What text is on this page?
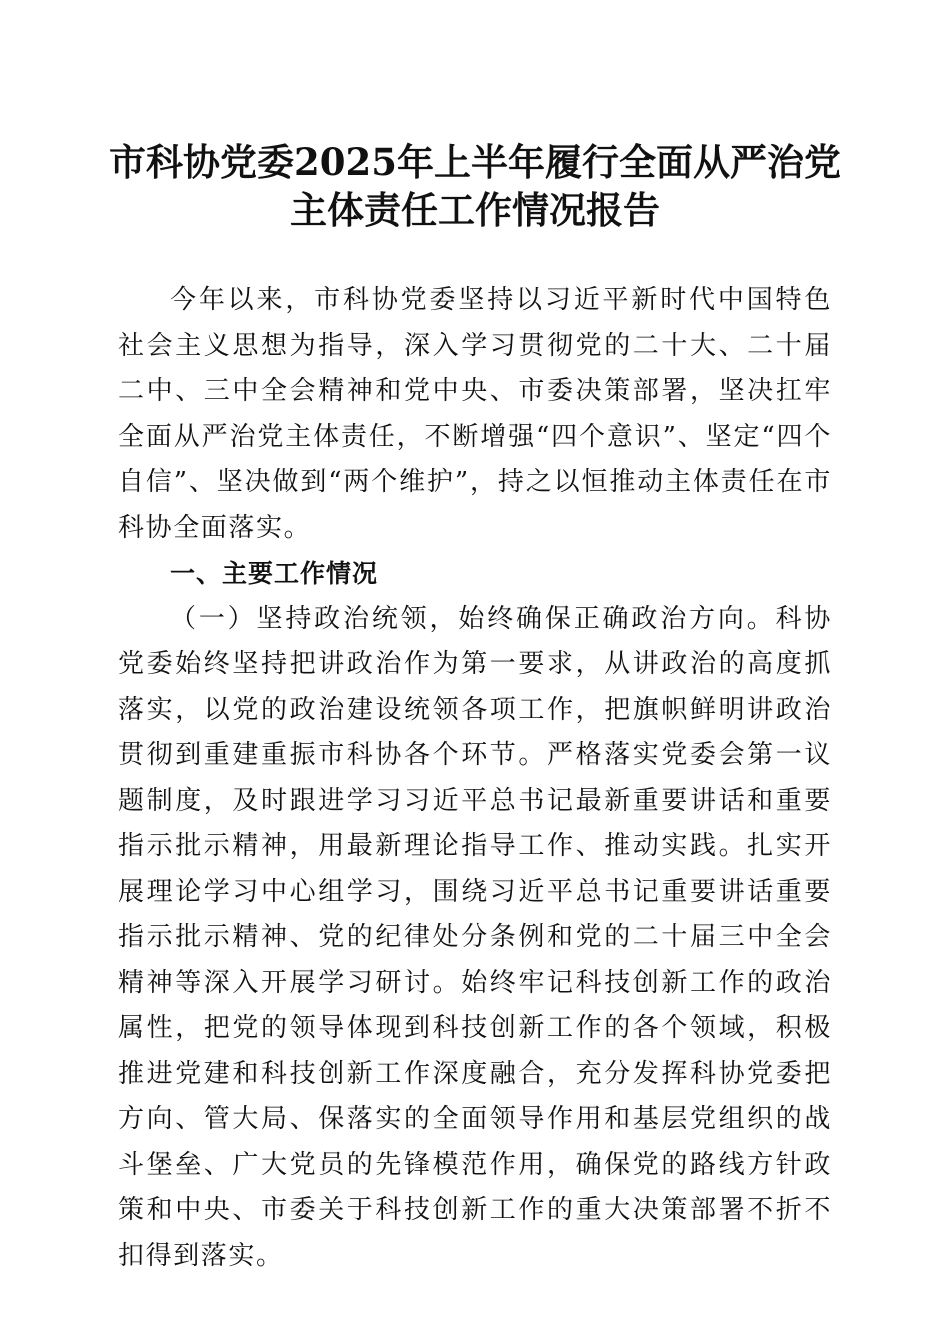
市科协党委2025年上半年履行全面从严治党
主体责任工作情况报告

今年以来，市科协党委坚持以习近平新时代中国特色社会主义思想为指导，深入学习贯彻党的二十大、二十届二中、三中全会精神和党中央、市委决策部署，坚决扛牢全面从严治党主体责任，不断增强“四个意识”、坚定“四个自信”、坚决做到“两个维护”，持之以恒推动主体责任在市科协全面落实。

一、主要工作情况

（一）坚持政治统领，始终确保正确政治方向。科协党委始终坚持把讲政治作为第一要求，从讲政治的高度抓落实，以党的政治建设统领各项工作，把旗帜鲜明讲政治贯彻到重建重振市科协各个环节。严格落实党委会第一议题制度，及时跟进学习习近平总书记最新重要讲话和重要指示批示精神，用最新理论指导工作、推动实践。扎实开展理论学习中心组学习，围绕习近平总书记重要讲话重要指示批示精神、党的纪律处分条例和党的二十届三中全会精神等深入开展学习研讨。始终牢记科技创新工作的政治属性，把党的领导体现到科技创新工作的各个领域，积极推进党建和科技创新工作深度融合，充分发挥科协党委把方向、管大局、保落实的全面领导作用和基层党组织的战斗堡垒、广大党员的先锋模范作用，确保党的路线方针政策和中央、市委关于科技创新工作的重大决策部署不折不扣得到落实。
